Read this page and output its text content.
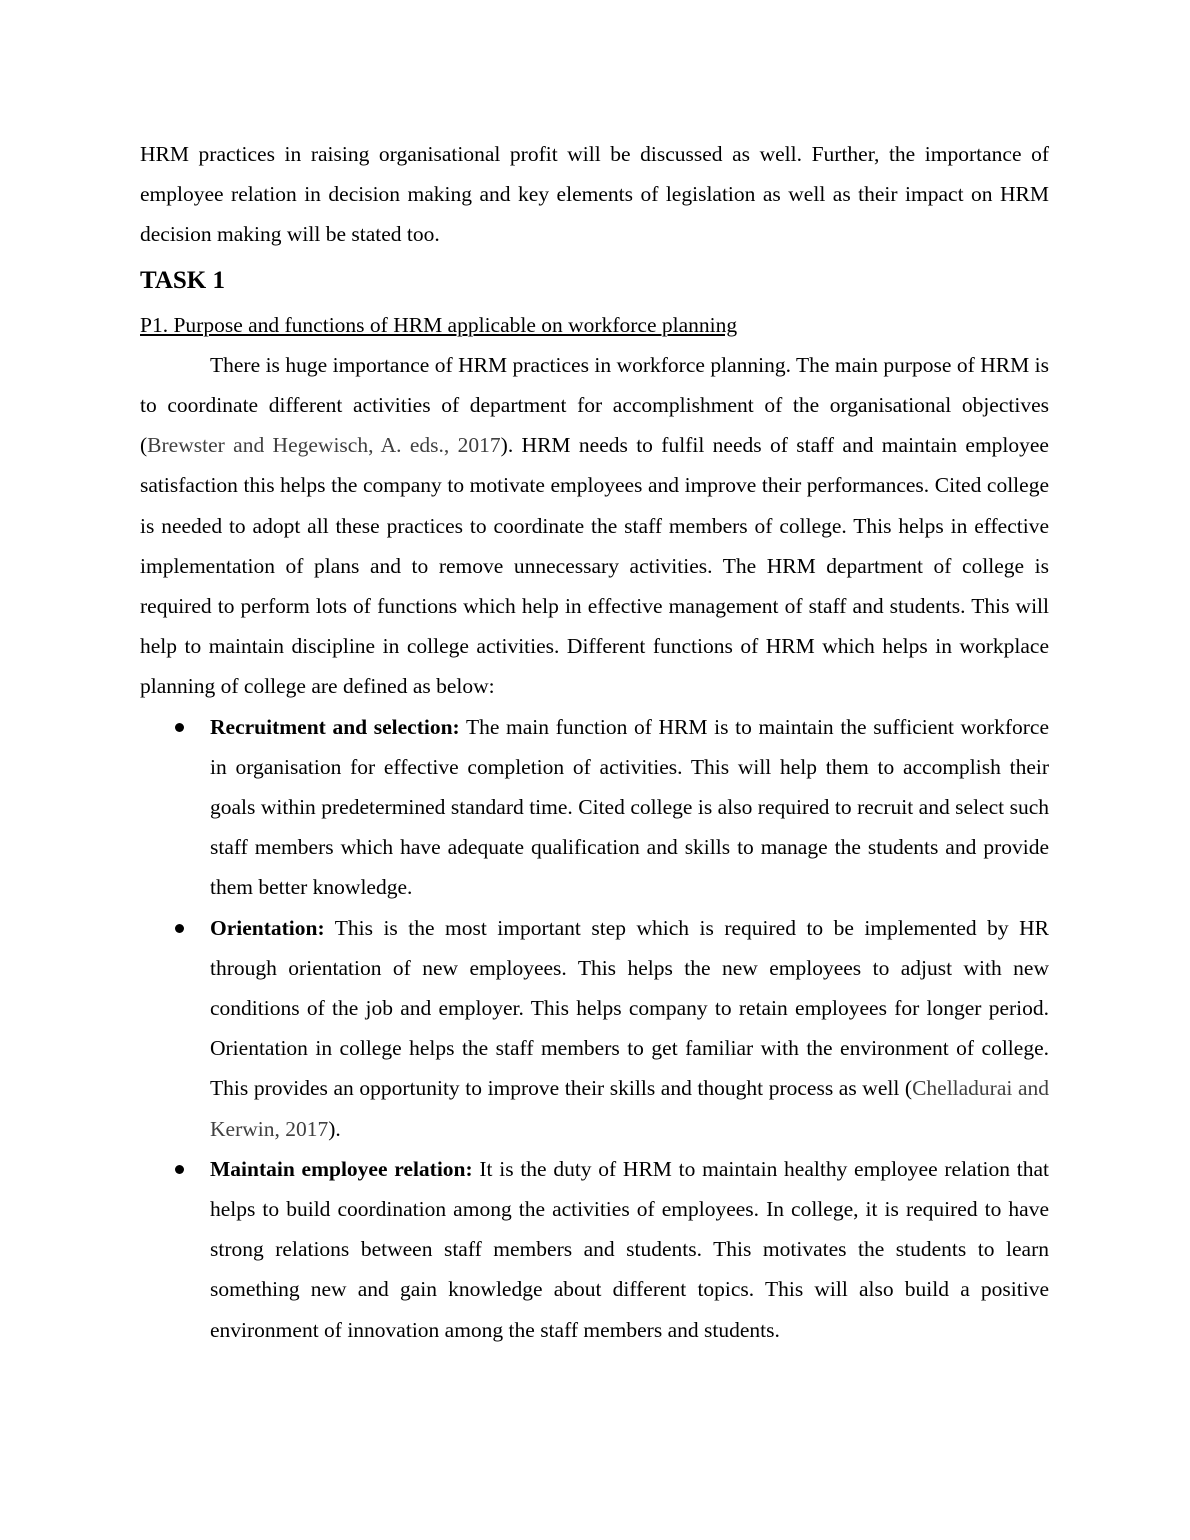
HRM practices in raising organisational profit will be discussed as well. Further, the importance of employee relation in decision making and key elements of legislation as well as their impact on HRM decision making will be stated too.

TASK 1

P1. Purpose and functions of HRM applicable on workforce planning

There is huge importance of HRM practices in workforce planning. The main purpose of HRM is to coordinate different activities of department for accomplishment of the organisational objectives (Brewster and Hegewisch, A. eds., 2017). HRM needs to fulfil needs of staff and maintain employee satisfaction this helps the company to motivate employees and improve their performances. Cited college is needed to adopt all these practices to coordinate the staff members of college. This helps in effective implementation of plans and to remove unnecessary activities. The HRM department of college is required to perform lots of functions which help in effective management of staff and students. This will help to maintain discipline in college activities. Different functions of HRM which helps in workplace planning of college are defined as below:

Recruitment and selection: The main function of HRM is to maintain the sufficient workforce in organisation for effective completion of activities. This will help them to accomplish their goals within predetermined standard time. Cited college is also required to recruit and select such staff members which have adequate qualification and skills to manage the students and provide them better knowledge.
Orientation: This is the most important step which is required to be implemented by HR through orientation of new employees. This helps the new employees to adjust with new conditions of the job and employer. This helps company to retain employees for longer period. Orientation in college helps the staff members to get familiar with the environment of college. This provides an opportunity to improve their skills and thought process as well (Chelladurai and Kerwin, 2017).
Maintain employee relation: It is the duty of HRM to maintain healthy employee relation that helps to build coordination among the activities of employees. In college, it is required to have strong relations between staff members and students. This motivates the students to learn something new and gain knowledge about different topics. This will also build a positive environment of innovation among the staff members and students.
